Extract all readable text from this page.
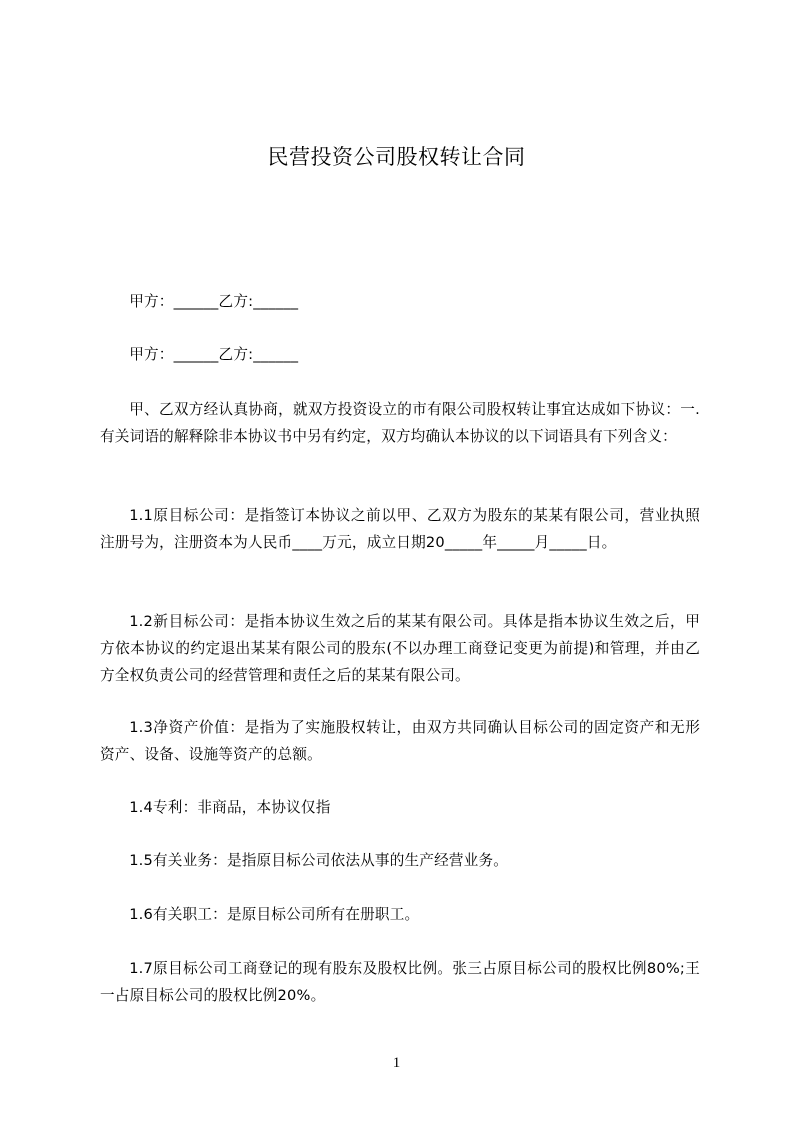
民营投资公司股权转让合同
甲方：______乙方:______
甲方：______乙方:______
甲、乙双方经认真协商，就双方投资设立的市有限公司股权转让事宜达成如下协议：一.有关词语的解释除非本协议书中另有约定，双方均确认本协议的以下词语具有下列含义：
1.1原目标公司：是指签订本协议之前以甲、乙双方为股东的某某有限公司，营业执照注册号为，注册资本为人民币____万元，成立日期20_____年_____月_____日。
1.2新目标公司：是指本协议生效之后的某某有限公司。具体是指本协议生效之后，甲方依本协议的约定退出某某有限公司的股东(不以办理工商登记变更为前提)和管理，并由乙方全权负责公司的经营管理和责任之后的某某有限公司。
1.3净资产价值：是指为了实施股权转让，由双方共同确认目标公司的固定资产和无形资产、设备、设施等资产的总额。
1.4专利：非商品，本协议仅指
1.5有关业务：是指原目标公司依法从事的生产经营业务。
1.6有关职工：是原目标公司所有在册职工。
1.7原目标公司工商登记的现有股东及股权比例。张三占原目标公司的股权比例80%;王一占原目标公司的股权比例20%。
1
